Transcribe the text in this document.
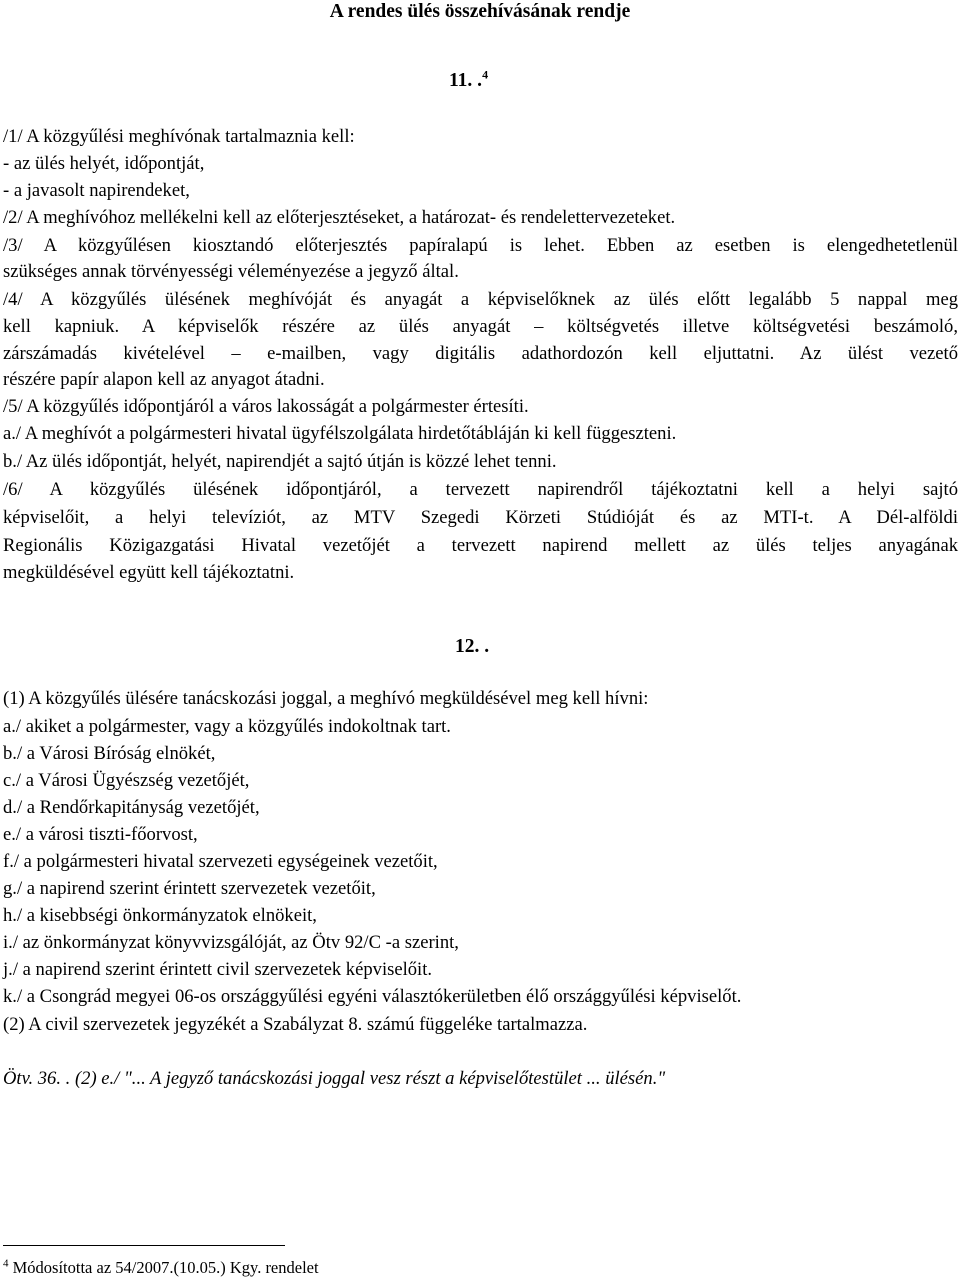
A rendes ülés összehívásának rendje
11. .$^4$
/1/ A közgyűlési meghívónak tartalmaznia kell:
- az ülés helyét, időpontját,
- a javasolt napirendeket,
/2/ A meghívóhoz mellékelni kell az előterjesztéseket, a határozat- és rendelettervezeteket.
/3/ A közgyűlésen kiosztandó előterjesztés papíralapú is lehet. Ebben az esetben is elengedhetetlenül
szükséges annak törvényességi véleményezése a jegyző által.
/4/ A közgyűlés ülésének meghívóját és anyagát a képviselőknek az ülés előtt legalább 5 nappal meg
kell kapniuk. A képviselők részére az ülés anyagát – költségvetés illetve költségvetési beszámoló,
zárszámadás kivételével – e-mailben, vagy digitális adathordozón kell eljuttatni. Az ülést vezető
részére papír alapon kell az anyagot átadni.
/5/ A közgyűlés időpontjáról a város lakosságát a polgármester értesíti.
a./ A meghívót a polgármesteri hivatal ügyfélszolgálata hirdetőtábláján ki kell függeszteni.
b./ Az ülés időpontját, helyét, napirendjét a sajtó útján is közzé lehet tenni.
/6/ A közgyűlés ülésének időpontjáról, a tervezett napirendről tájékoztatni kell a helyi sajtó
képviselőit, a helyi televíziót, az MTV Szegedi Körzeti Stúdióját és az MTI-t. A Dél-alföldi
Regionális Közigazgatási Hivatal vezetőjét a tervezett napirend mellett az ülés teljes anyagának
megküldésével együtt kell tájékoztatni.
12. .
(1) A közgyűlés ülésére tanácskozási joggal, a meghívó megküldésével meg kell hívni:
a./ akiket a polgármester, vagy a közgyűlés indokoltnak tart.
b./ a Városi Bíróság elnökét,
c./ a Városi Ügyészség vezetőjét,
d./ a Rendőrkapitányság vezetőjét,
e./ a városi tiszti-főorvost,
f./ a polgármesteri hivatal szervezeti egységeinek vezetőit,
g./ a napirend szerint érintett szervezetek vezetőit,
h./ a kisebbségi önkormányzatok elnökeit,
i./ az önkormányzat könyvvizsgálóját, az Ötv 92/C -a szerint,
j./ a napirend szerint érintett civil szervezetek képviselőit.
k./ a Csongrád megyei 06-os országgyűlési egyéni választókerületben élő országgyűlési képviselőt.
(2) A civil szervezetek jegyzékét a Szabályzat 8. számú függeléke tartalmazza.
Ötv. 36. . (2) e./ "... A jegyző tanácskozási joggal vesz részt a képviselőtestület ... ülésén."
$^4$ Módosította az 54/2007.(10.05.) Kgy. rendelet
